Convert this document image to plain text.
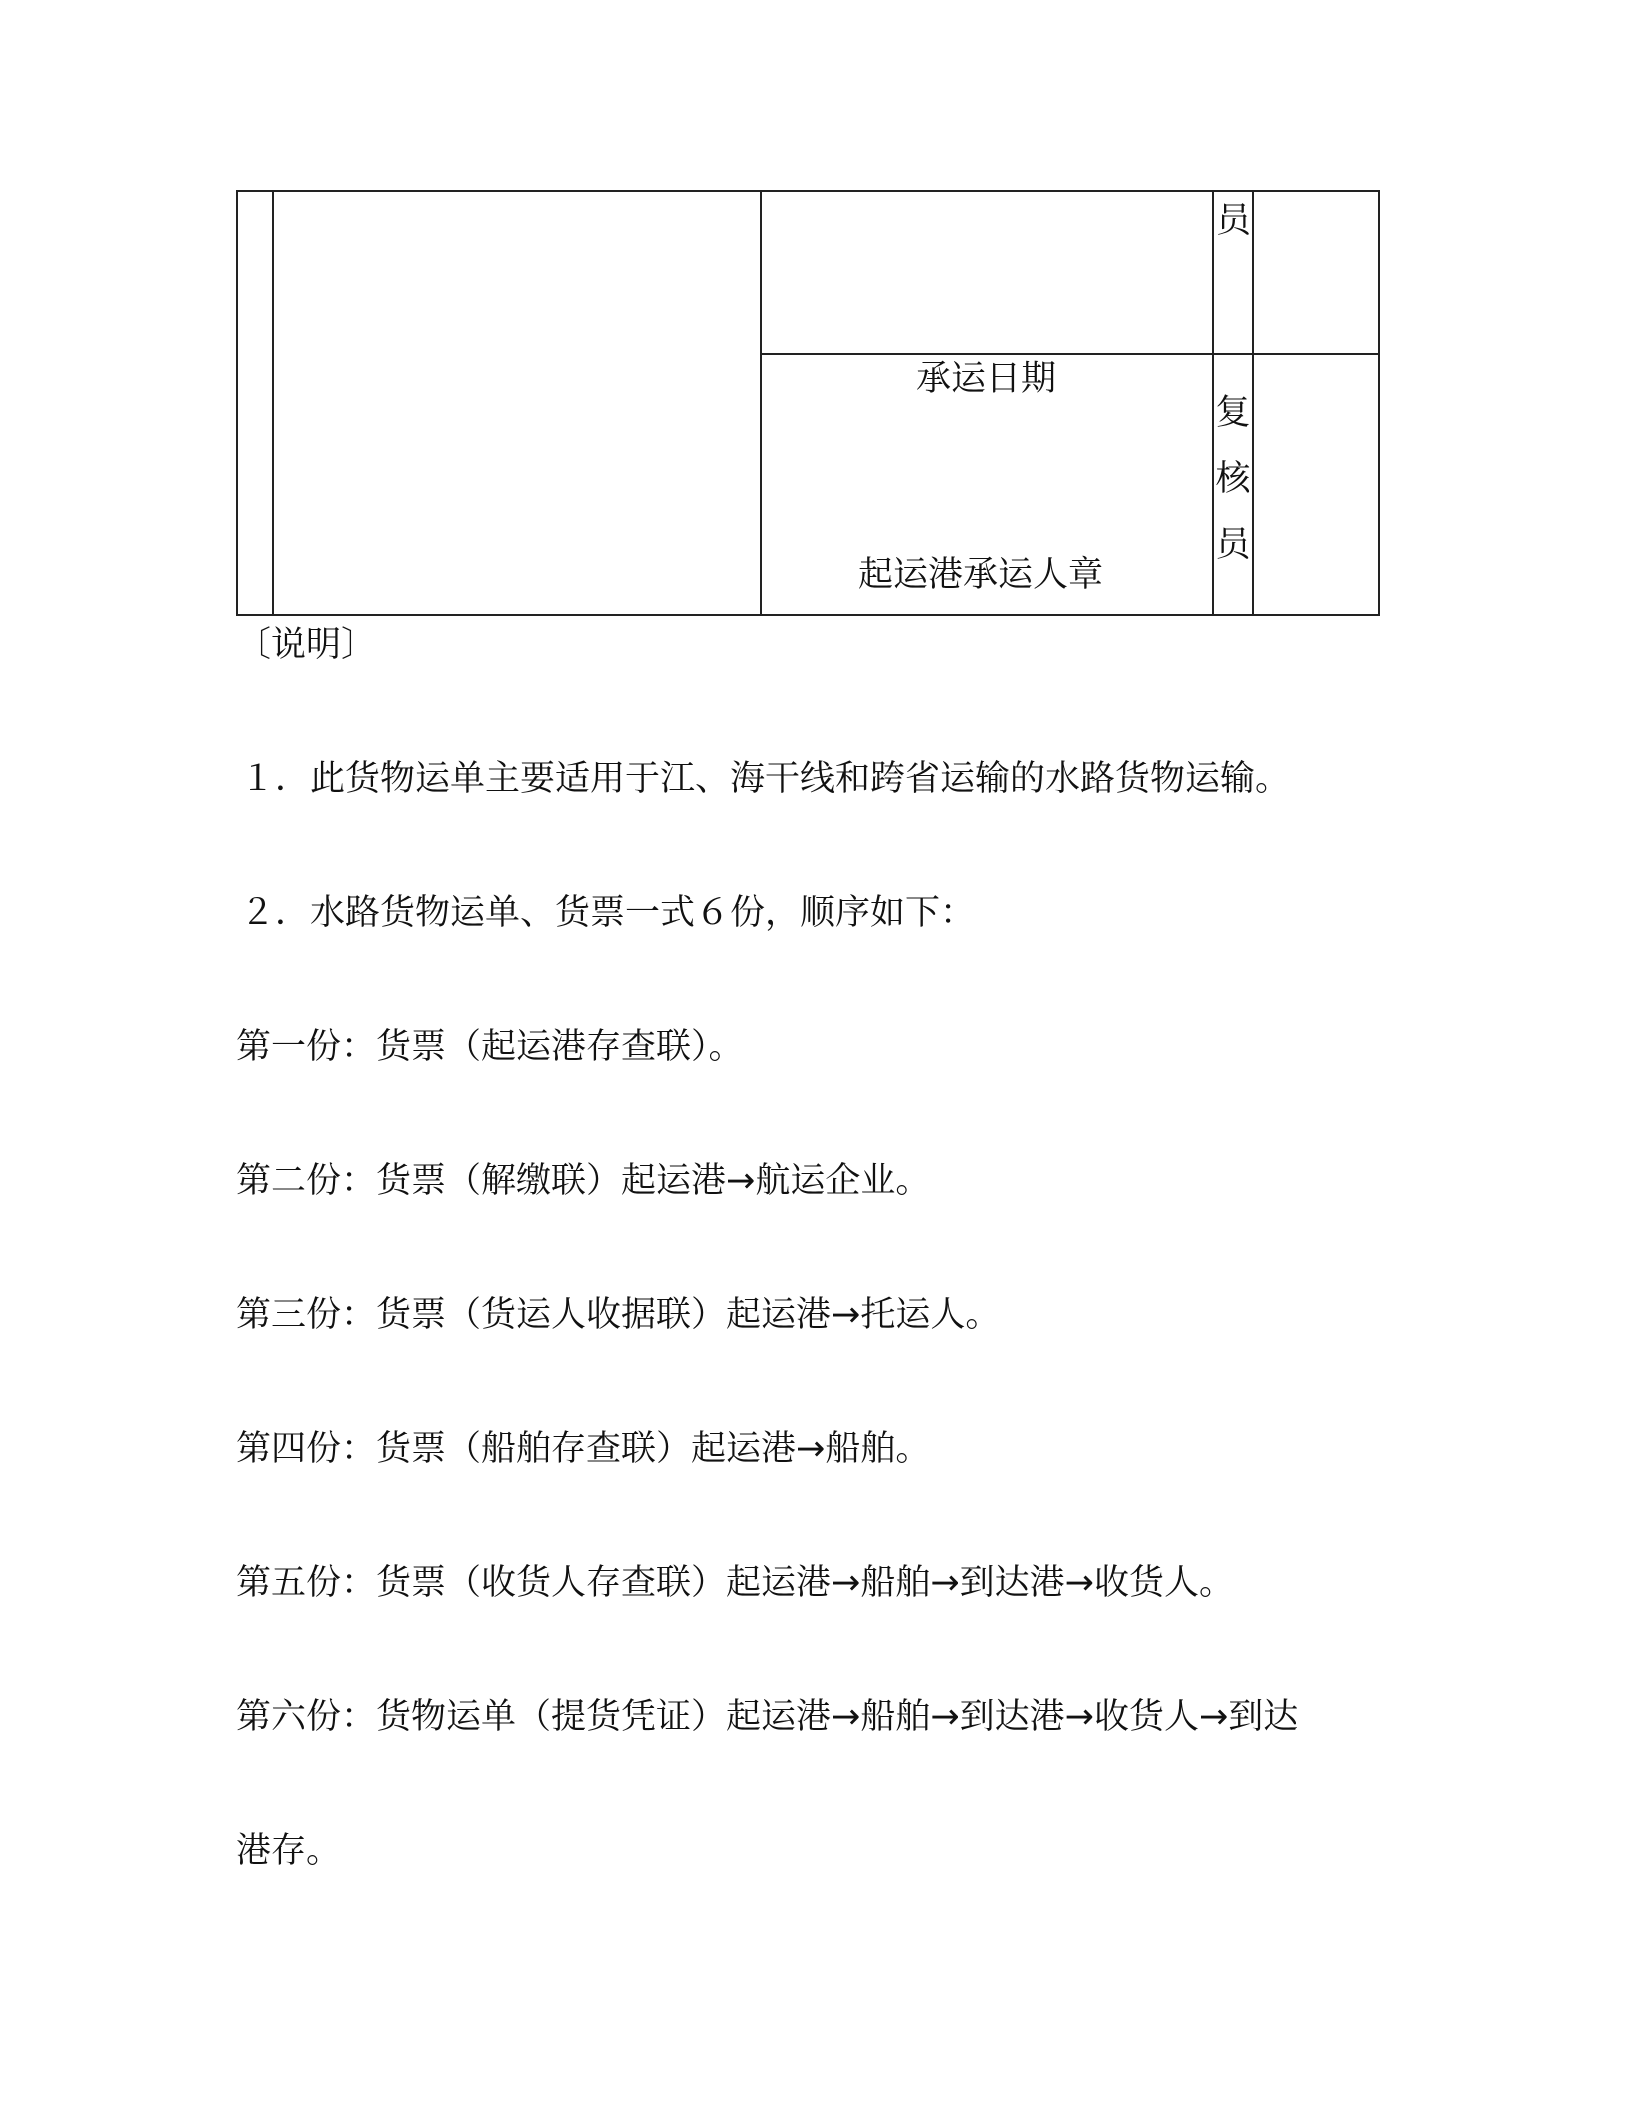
员
承运日期
起运港承运人章
复
核
员
〔说明〕
１．此货物运单主要适用于江、海干线和跨省运输的水路货物运输。
２．水路货物运单、货票一式６份，顺序如下：
第一份：货票（起运港存查联）。
第二份：货票（解缴联）起运港→航运企业。
第三份：货票（货运人收据联）起运港→托运人。
第四份：货票（船舶存查联）起运港→船舶。
第五份：货票（收货人存查联）起运港→船舶→到达港→收货人。
第六份：货物运单（提货凭证）起运港→船舶→到达港→收货人→到达
港存。
